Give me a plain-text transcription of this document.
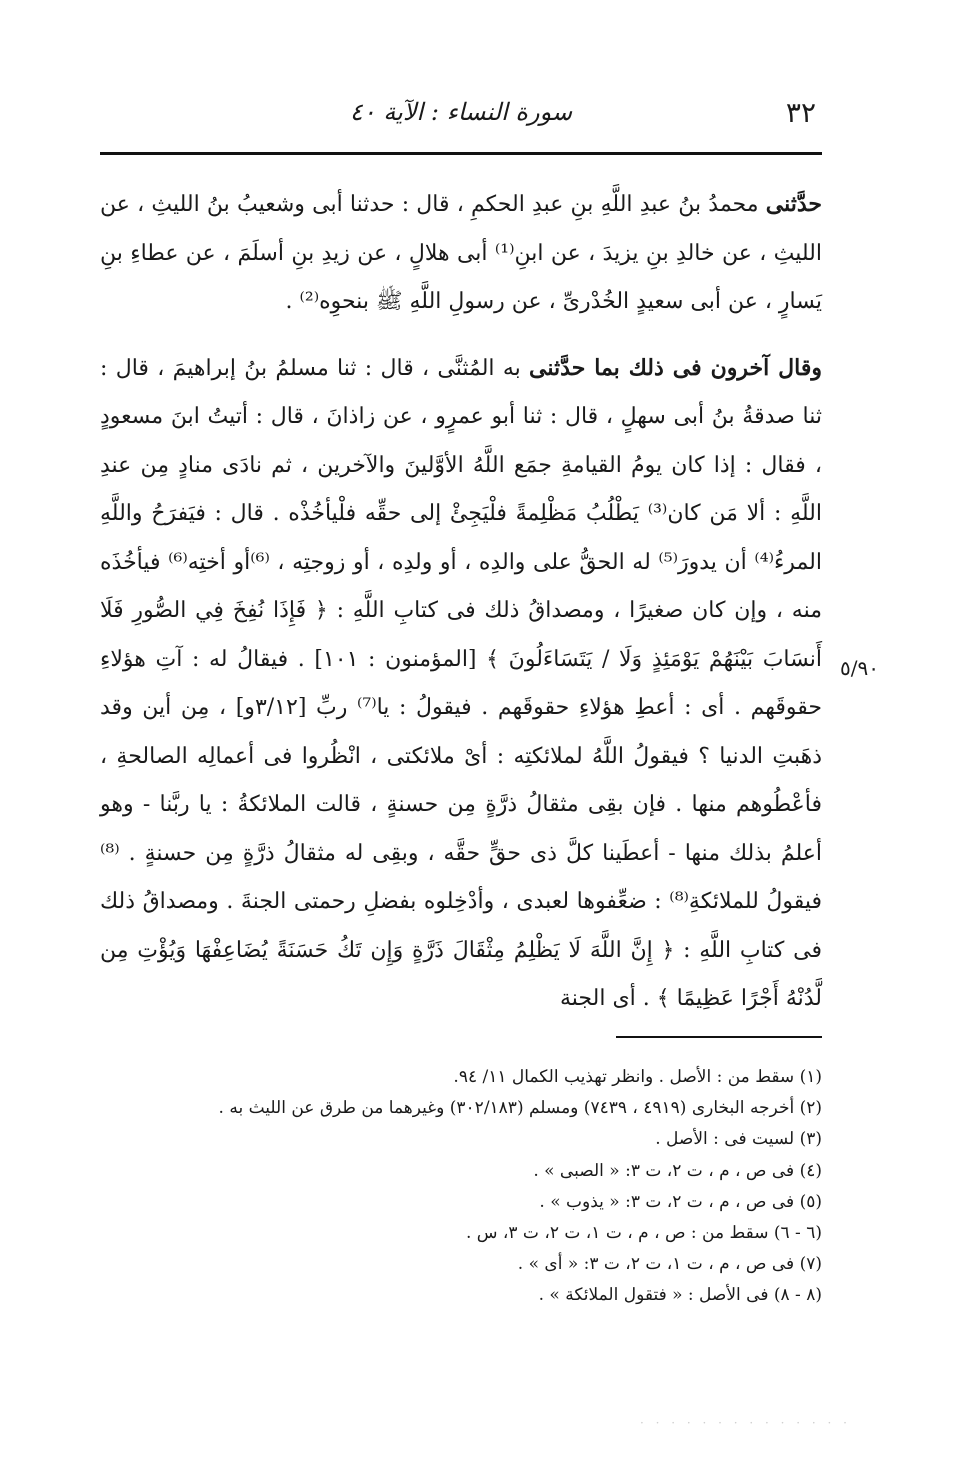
٣٢
سورة النساء : الآية ٤٠

حدَّثنى محمدُ بنُ عبدِ اللَّهِ بنِ عبدِ الحكمِ ، قال : حدثنا أبى وشعيبُ بنُ الليثِ ، عن الليثِ ، عن خالدِ بنِ يزيدَ ، عن ابنِ⁽¹⁾ أبى هلالٍ ، عن زيدِ بنِ أسلَمَ ، عن عطاءِ بنِ يَسارٍ ، عن أبى سعيدٍ الخُدْرىِّ ، عن رسولِ اللَّهِ ﷺ بنحوِه⁽²⁾ .

وقال آخرون فى ذلك بما حدَّثنى به المُثنَّى ، قال : ثنا مسلمُ بنُ إبراهيمَ ، قال : ثنا صدقةُ بنُ أبى سهلٍ ، قال : ثنا أبو عمرٍو ، عن زاذانَ ، قال : أتيتُ ابنَ مسعودٍ ، فقال : إذا كان يومُ القيامةِ جمَع اللَّهُ الأوَّلينَ والآخرين ، ثم نادَى منادٍ مِن عندِ اللَّهِ : ألا مَن كان⁽³⁾ يَطْلُبُ مَظْلِمةً فلْيَجِئْ إلى حقِّه فلْيأخُذْه . قال : فيَفرَحُ واللَّهِ المرءُ⁽⁴⁾ أن يدورَ⁽⁵⁾ له الحقُّ على والدِه ، أو ولدِه ، أو زوجتِه ، ⁽⁶⁾أو أختِه⁽⁶⁾ فيأخُذَه منه ، وإن كان صغيرًا ، ومصداقُ ذلك فى كتابِ اللَّهِ : ﴿ فَإِذَا نُفِخَ فِي الصُّورِ فَلَا أَنسَابَ بَيْنَهُمْ يَوْمَئِذٍ وَلَا / يَتَسَاءَلُونَ ﴾ [المؤمنون : ١٠١] . فيقالُ له : آتِ هؤلاءِ حقوقَهم . أى : أعطِ هؤلاءِ حقوقَهم . فيقولُ : يا⁽⁷⁾ ربِّ [٣/١٢و] ، مِن أين وقد ذهَبتِ الدنيا ؟ فيقولُ اللَّهُ لملائكتِه : أىْ ملائكتى ، انْظُروا فى أعمالِه الصالحةِ ، فأعْطُوهم منها . فإن بقِى مثقالُ ذرَّةٍ مِن حسنةٍ ، قالت الملائكةُ : يا ربَّنا - وهو أعلمُ بذلك منها - أعطَينا كلَّ ذى حقٍّ حقَّه ، وبقِى له مثقالُ ذرَّةٍ مِن حسنةٍ . ⁽⁸⁾فيقولُ للملائكةِ⁽⁸⁾ : ضعِّفوها لعبدى ، وأدْخِلوه بفضلِ رحمتى الجنةَ . ومصداقُ ذلك فى كتابِ اللَّهِ : ﴿ إِنَّ اللَّهَ لَا يَظْلِمُ مِثْقَالَ ذَرَّةٍ وَإِن تَكُ حَسَنَةً يُضَاعِفْهَا وَيُؤْتِ مِن لَّدُنْهُ أَجْرًا عَظِيمًا ﴾ . أى الجنة

٥/٩٠

(١) سقط من : الأصل . وانظر تهذيب الكمال ١١/ ٩٤.

(٢) أخرجه البخارى (٤٩١٩ ، ٧٤٣٩) ومسلم (٣٠٢/١٨٣) وغيرهما من طرق عن الليث به .

(٣) لسيت فى : الأصل .

(٤) فى ص ، م ، ت ٢، ت ٣: « الصبى » .

(٥) فى ص ، م ، ت ٢، ت ٣: « يذوب » .

(٦ - ٦) سقط من : ص ، م ، ت ١، ت ٢، ت ٣، س .

(٧) فى ص ، م ، ت ١، ت ٢، ت ٣: « أى » .

(٨ - ٨) فى الأصل : « فتقول الملائكة » .

· · · · · · · · · · · · · ·
